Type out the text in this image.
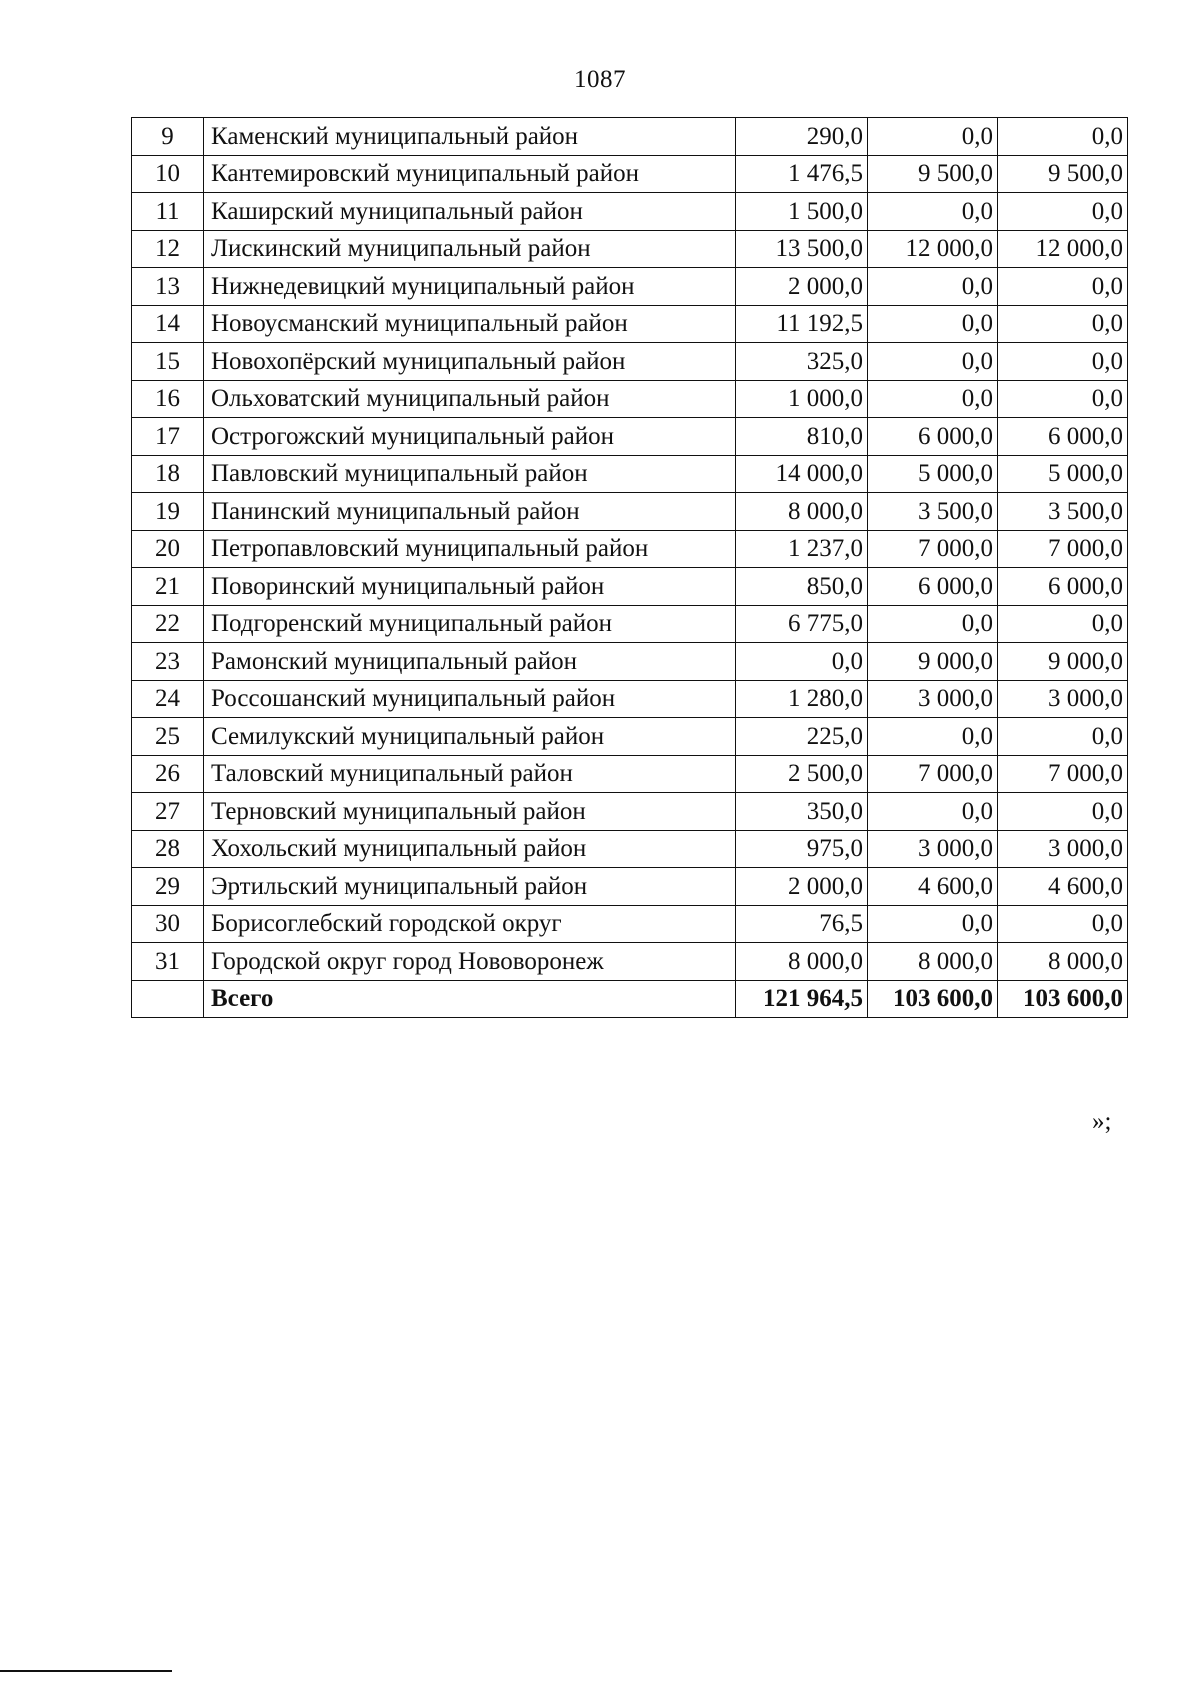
1087
9	Каменский муниципальный район	290,0	0,0	0,0
10	Кантемировский муниципальный район	1 476,5	9 500,0	9 500,0
11	Каширский муниципальный район	1 500,0	0,0	0,0
12	Лискинский муниципальный район	13 500,0	12 000,0	12 000,0
13	Нижнедевицкий муниципальный район	2 000,0	0,0	0,0
14	Новоусманский муниципальный район	11 192,5	0,0	0,0
15	Новохопёрский муниципальный район	325,0	0,0	0,0
16	Ольховатский муниципальный район	1 000,0	0,0	0,0
17	Острогожский муниципальный район	810,0	6 000,0	6 000,0
18	Павловский муниципальный район	14 000,0	5 000,0	5 000,0
19	Панинский муниципальный район	8 000,0	3 500,0	3 500,0
20	Петропавловский муниципальный район	1 237,0	7 000,0	7 000,0
21	Поворинский муниципальный район	850,0	6 000,0	6 000,0
22	Подгоренский муниципальный район	6 775,0	0,0	0,0
23	Рамонский муниципальный район	0,0	9 000,0	9 000,0
24	Россошанский муниципальный район	1 280,0	3 000,0	3 000,0
25	Семилукский муниципальный район	225,0	0,0	0,0
26	Таловский муниципальный район	2 500,0	7 000,0	7 000,0
27	Терновский муниципальный район	350,0	0,0	0,0
28	Хохольский муниципальный район	975,0	3 000,0	3 000,0
29	Эртильский муниципальный район	2 000,0	4 600,0	4 600,0
30	Борисоглебский городской округ	76,5	0,0	0,0
31	Городской округ город Нововоронеж	8 000,0	8 000,0	8 000,0
	Всего	121 964,5	103 600,0	103 600,0
»;
